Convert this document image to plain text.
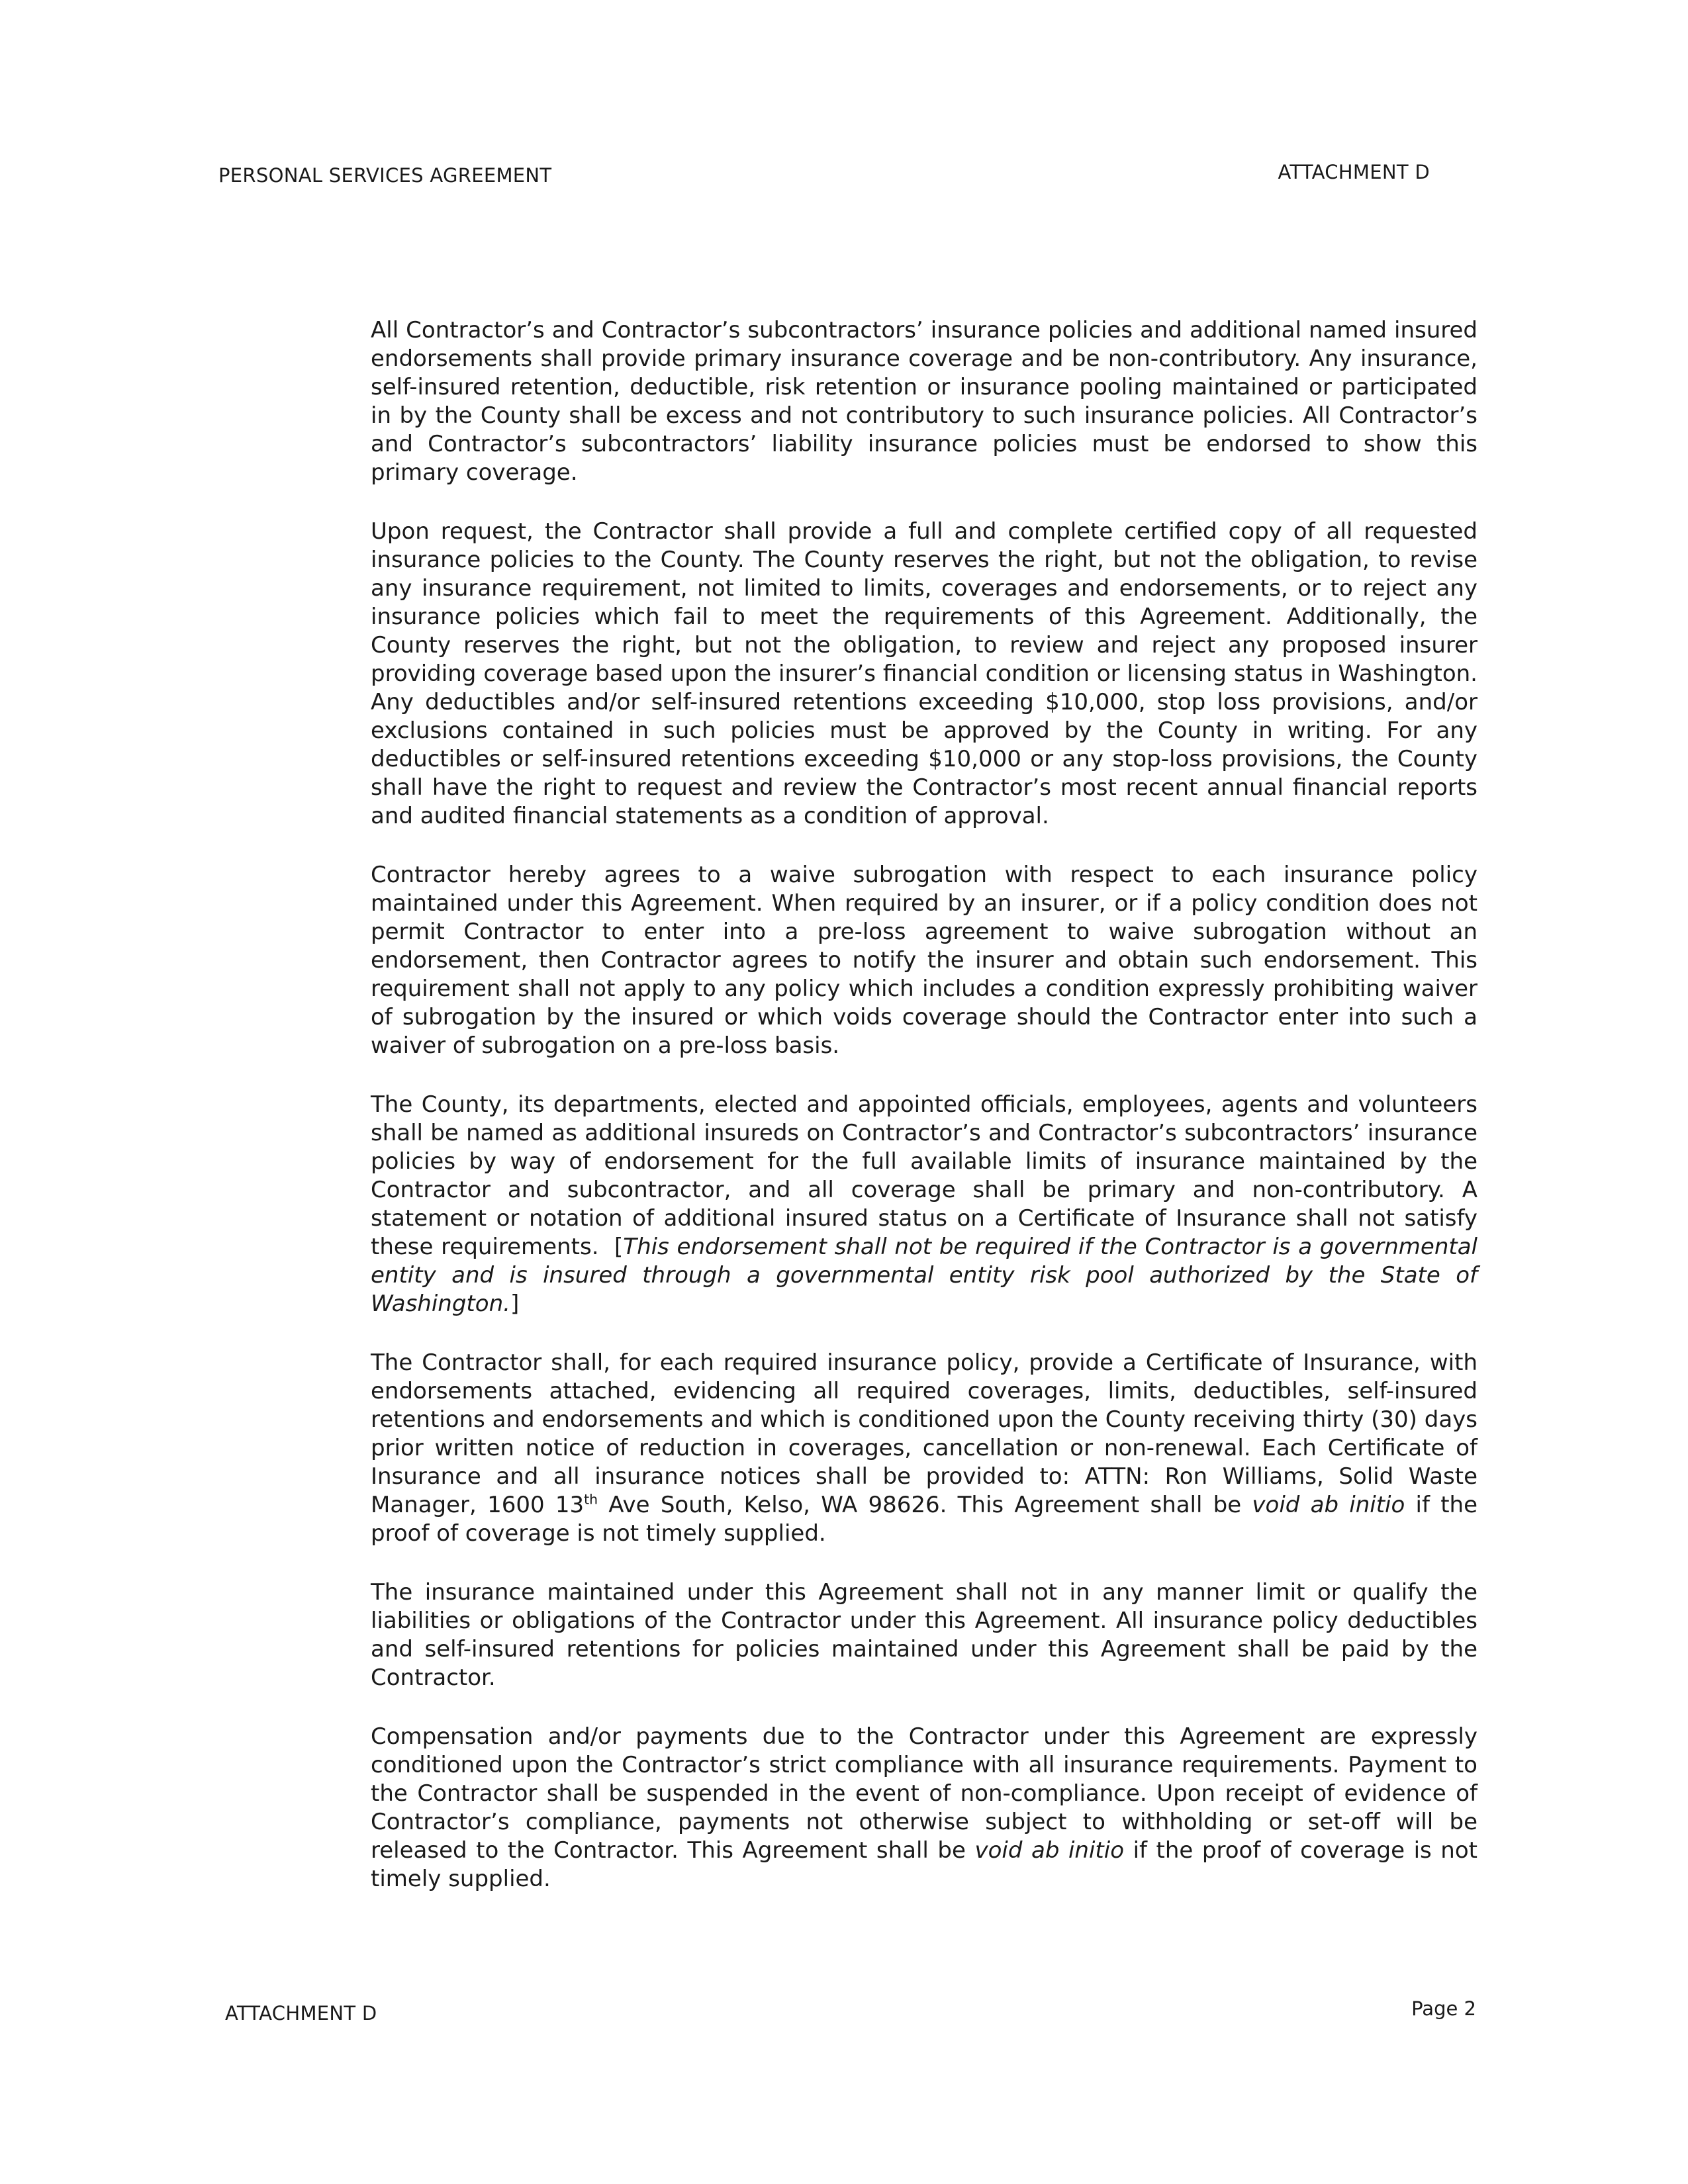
PERSONAL SERVICES AGREEMENT	ATTACHMENT D

All Contractor’s and Contractor’s subcontractors’ insurance policies and additional named insured endorsements shall provide primary insurance coverage and be non-contributory. Any insurance, self-insured retention, deductible, risk retention or insurance pooling maintained or participated in by the County shall be excess and not contributory to such insurance policies. All Contractor’s and Contractor’s subcontractors’ liability insurance policies must be endorsed to show this primary coverage.

Upon request, the Contractor shall provide a full and complete certified copy of all requested insurance policies to the County. The County reserves the right, but not the obligation, to revise any insurance requirement, not limited to limits, coverages and endorsements, or to reject any insurance policies which fail to meet the requirements of this Agreement. Additionally, the County reserves the right, but not the obligation, to review and reject any proposed insurer providing coverage based upon the insurer’s financial condition or licensing status in Washington. Any deductibles and/or self-insured retentions exceeding $10,000, stop loss provisions, and/or exclusions contained in such policies must be approved by the County in writing. For any deductibles or self-insured retentions exceeding $10,000 or any stop-loss provisions, the County shall have the right to request and review the Contractor’s most recent annual financial reports and audited financial statements as a condition of approval.

Contractor hereby agrees to a waive subrogation with respect to each insurance policy maintained under this Agreement. When required by an insurer, or if a policy condition does not permit Contractor to enter into a pre-loss agreement to waive subrogation without an endorsement, then Contractor agrees to notify the insurer and obtain such endorsement. This requirement shall not apply to any policy which includes a condition expressly prohibiting waiver of subrogation by the insured or which voids coverage should the Contractor enter into such a waiver of subrogation on a pre-loss basis.

The County, its departments, elected and appointed officials, employees, agents and volunteers shall be named as additional insureds on Contractor’s and Contractor’s subcontractors’ insurance policies by way of endorsement for the full available limits of insurance maintained by the Contractor and subcontractor, and all coverage shall be primary and non-contributory. A statement or notation of additional insured status on a Certificate of Insurance shall not satisfy these requirements. [This endorsement shall not be required if the Contractor is a governmental entity and is insured through a governmental entity risk pool authorized by the State of Washington.]

The Contractor shall, for each required insurance policy, provide a Certificate of Insurance, with endorsements attached, evidencing all required coverages, limits, deductibles, self-insured retentions and endorsements and which is conditioned upon the County receiving thirty (30) days prior written notice of reduction in coverages, cancellation or non-renewal. Each Certificate of Insurance and all insurance notices shall be provided to: ATTN: Ron Williams, Solid Waste Manager, 1600 13th Ave South, Kelso, WA 98626. This Agreement shall be void ab initio if the proof of coverage is not timely supplied.

The insurance maintained under this Agreement shall not in any manner limit or qualify the liabilities or obligations of the Contractor under this Agreement. All insurance policy deductibles and self-insured retentions for policies maintained under this Agreement shall be paid by the Contractor.

Compensation and/or payments due to the Contractor under this Agreement are expressly conditioned upon the Contractor’s strict compliance with all insurance requirements. Payment to the Contractor shall be suspended in the event of non-compliance. Upon receipt of evidence of Contractor’s compliance, payments not otherwise subject to withholding or set-off will be released to the Contractor. This Agreement shall be void ab initio if the proof of coverage is not timely supplied.

ATTACHMENT D	Page 2
